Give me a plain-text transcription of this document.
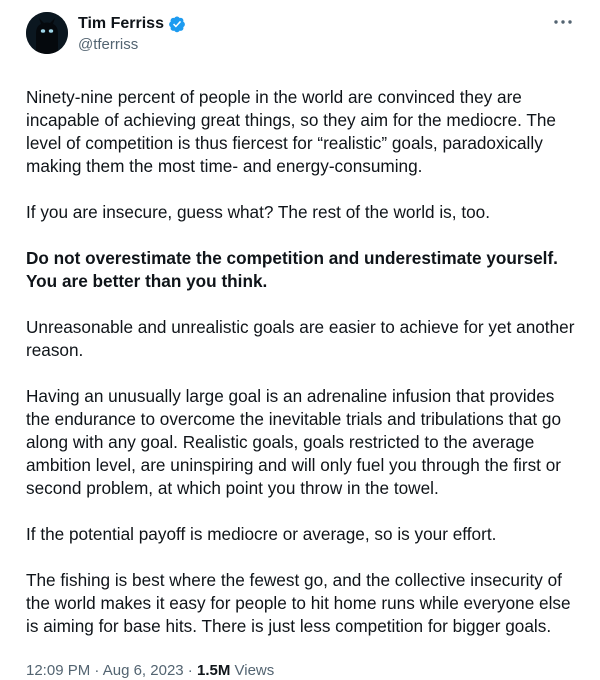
Tim Ferriss
@tferriss

Ninety-nine percent of people in the world are convinced they are incapable of achieving great things, so they aim for the mediocre. The level of competition is thus fiercest for “realistic” goals, paradoxically making them the most time- and energy-consuming.

If you are insecure, guess what? The rest of the world is, too.

Do not overestimate the competition and underestimate yourself. You are better than you think.

Unreasonable and unrealistic goals are easier to achieve for yet another reason.

Having an unusually large goal is an adrenaline infusion that provides the endurance to overcome the inevitable trials and tribulations that go along with any goal. Realistic goals, goals restricted to the average ambition level, are uninspiring and will only fuel you through the first or second problem, at which point you throw in the towel.

If the potential payoff is mediocre or average, so is your effort.

The fishing is best where the fewest go, and the collective insecurity of the world makes it easy for people to hit home runs while everyone else is aiming for base hits. There is just less competition for bigger goals.

12:09 PM · Aug 6, 2023 · 1.5M Views
